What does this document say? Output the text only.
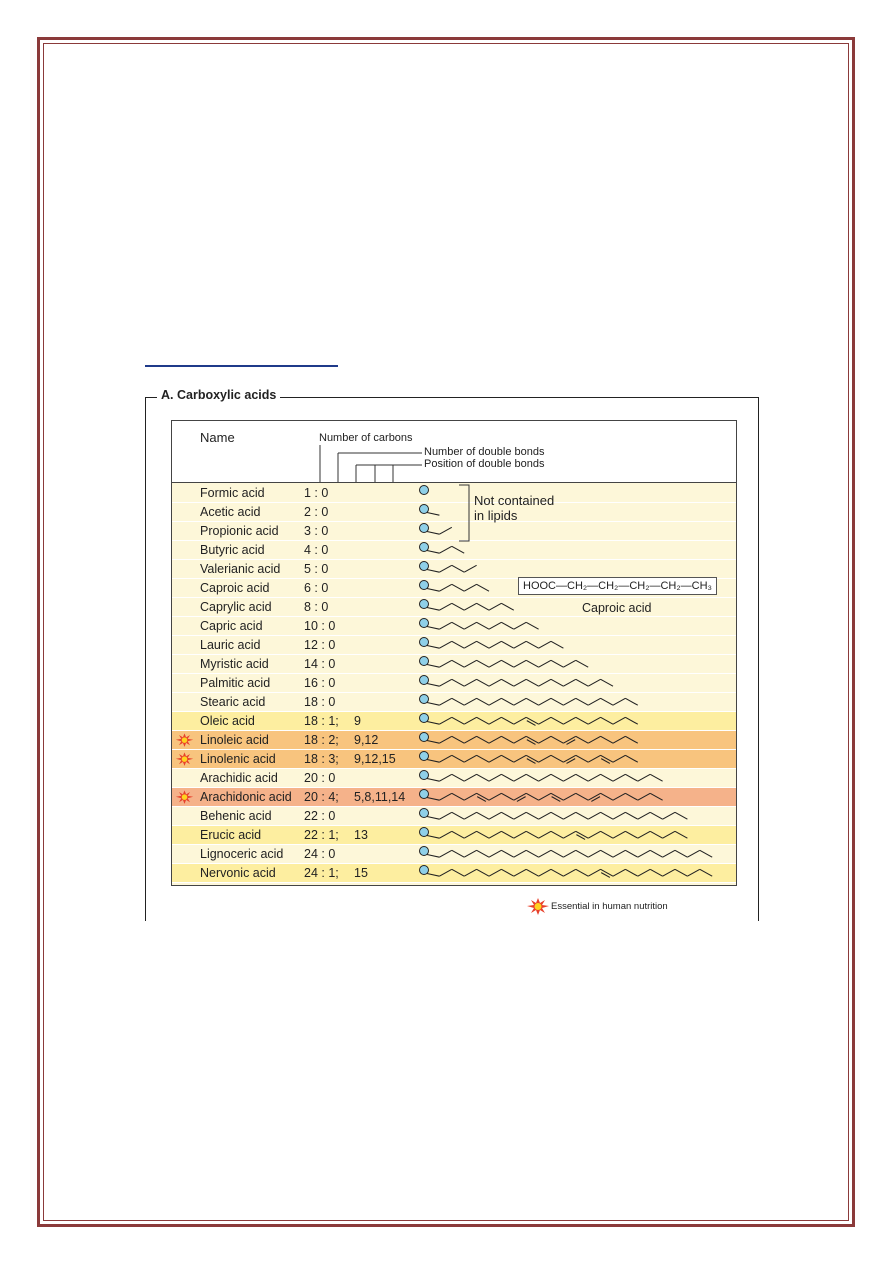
A. Carboxylic acids
Name	Number of carbons
Number of double bonds
Position of double bonds
Formic acid	1 : 0
Acetic acid	2 : 0
Propionic acid 3 : 0
Butyric acid	4 : 0
Valerianic acid 5 : 0
Caproic acid	6 : 0
Caprylic acid	8 : 0
Capric acid	10 : 0
Lauric acid	12 : 0
Myristic acid	14 : 0
Palmitic acid	16 : 0
Stearic acid	18 : 0
Oleic acid	18 : 1; 9
Linoleic acid	18 : 2; 9,12
Linolenic acid 18 : 3; 9,12,15
Arachidic acid 20 : 0
Arachidonic acid 20 : 4; 5,8,11,14
Behenic acid	22 : 0
Erucic acid	22 : 1; 13
Lignoceric acid 24 : 0
Nervonic acid 24 : 1; 15
Not contained
in lipids
HOOC—CH₂—CH₂—CH₂—CH₂—CH₃
Caproic acid
Essential in human nutrition
